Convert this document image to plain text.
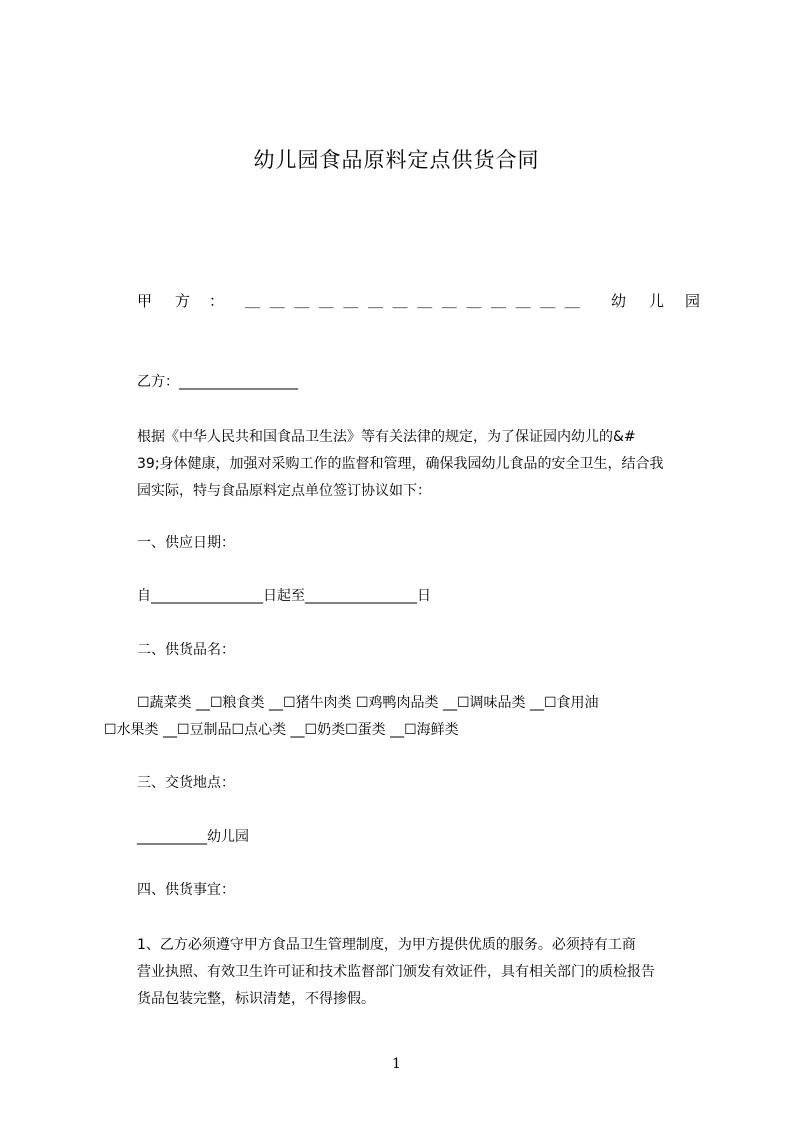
幼儿园食品原料定点供货合同
甲 方 ： ＿＿＿＿＿＿＿＿＿＿＿＿＿＿ 幼 儿 园
乙方：_________________
根据《中华人民共和国食品卫生法》等有关法律的规定，为了保证园内幼儿的&#
39;身体健康，加强对采购工作的监督和管理，确保我园幼儿食品的安全卫生，结合我
园实际，特与食品原料定点单位签订协议如下：
一、供应日期：
自________________日起至________________日
二、供货品名：
☐蔬菜类 __☐粮食类 __☐猪牛肉类 ☐鸡鸭肉品类 __☐调味品类 __☐食用油
☐水果类 __☐豆制品☐点心类 __☐奶类☐蛋类 __☐海鲜类
三、交货地点：
__________幼儿园
四、供货事宜：
1、乙方必须遵守甲方食品卫生管理制度，为甲方提供优质的服务。必须持有工商
营业执照、有效卫生许可证和技术监督部门颁发有效证件，具有相关部门的质检报告
货品包装完整，标识清楚，不得掺假。
1
